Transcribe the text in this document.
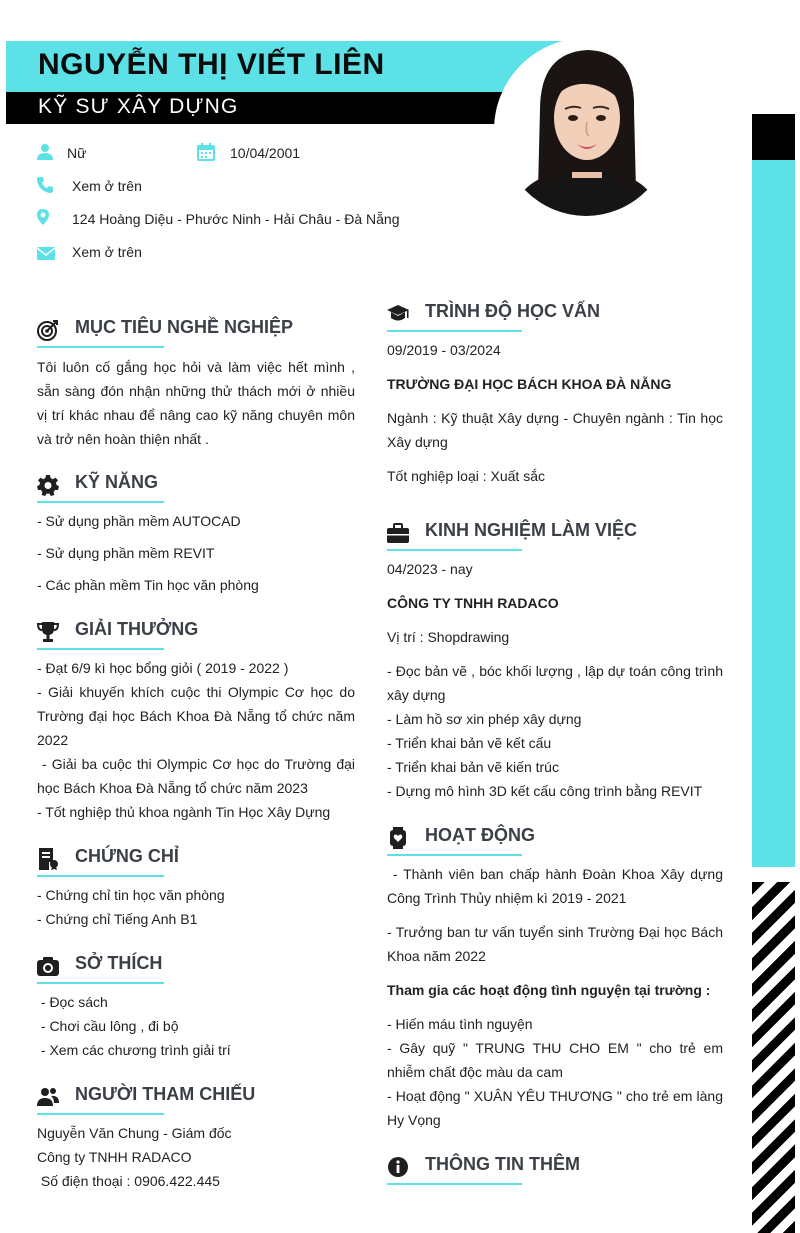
NGUYỄN THỊ VIẾT LIÊN
KỸ SƯ XÂY DỰNG
Nữ	10/04/2001
Xem ở trên
124 Hoàng Diệu - Phước Ninh - Hải Châu - Đà Nẵng
Xem ở trên
MỤC TIÊU NGHỀ NGHIỆP
Tôi luôn cố gắng học hỏi và làm việc hết mình , sẵn sàng đón nhận những thử thách mới ở nhiều vị trí khác nhau để nâng cao kỹ năng chuyên môn và trở nên hoàn thiện nhất .
KỸ NĂNG
- Sử dụng phần mềm AUTOCAD
- Sử dụng phần mềm REVIT
- Các phần mềm Tin học văn phòng
GIẢI THƯỞNG
- Đạt 6/9 kì học bổng giỏi ( 2019 - 2022 )
- Giải khuyến khích cuộc thi Olympic Cơ học do Trường đại học Bách Khoa Đà Nẵng tổ chức năm 2022
- Giải ba cuộc thi Olympic Cơ học do Trường đại học Bách Khoa Đà Nẵng tổ chức năm 2023
- Tốt nghiệp thủ khoa ngành Tin Học Xây Dựng
CHỨNG CHỈ
- Chứng chỉ tin học văn phòng
- Chứng chỉ Tiếng Anh B1
SỞ THÍCH
- Đọc sách
- Chơi cầu lông , đi bộ
- Xem các chương trình giải trí
NGƯỜI THAM CHIẾU
Nguyễn Văn Chung - Giám đốc
Công ty TNHH RADACO
Số điện thoại : 0906.422.445
TRÌNH ĐỘ HỌC VẤN
09/2019 - 03/2024
TRƯỜNG ĐẠI HỌC BÁCH KHOA ĐÀ NẴNG
Ngành : Kỹ thuật Xây dựng - Chuyên ngành : Tin học Xây dựng
Tốt nghiệp loại : Xuất sắc
KINH NGHIỆM LÀM VIỆC
04/2023 - nay
CÔNG TY TNHH RADACO
Vị trí : Shopdrawing
- Đọc bản vẽ , bóc khối lượng , lập dự toán công trình xây dựng
- Làm hồ sơ xin phép xây dựng
- Triển khai bản vẽ kết cấu
- Triển khai bản vẽ kiến trúc
- Dựng mô hình 3D kết cấu công trình bằng REVIT
HOẠT ĐỘNG
- Thành viên ban chấp hành Đoàn Khoa Xây dựng Công Trình Thủy nhiệm kì 2019 - 2021
- Trưởng ban tư vấn tuyển sinh Trường Đại học Bách Khoa năm 2022
Tham gia các hoạt động tình nguyện tại trường :
- Hiến máu tình nguyện
- Gây quỹ " TRUNG THU CHO EM " cho trẻ em nhiễm chất độc màu da cam
- Hoạt động " XUÂN YÊU THƯƠNG " cho trẻ em làng Hy Vọng
THÔNG TIN THÊM
